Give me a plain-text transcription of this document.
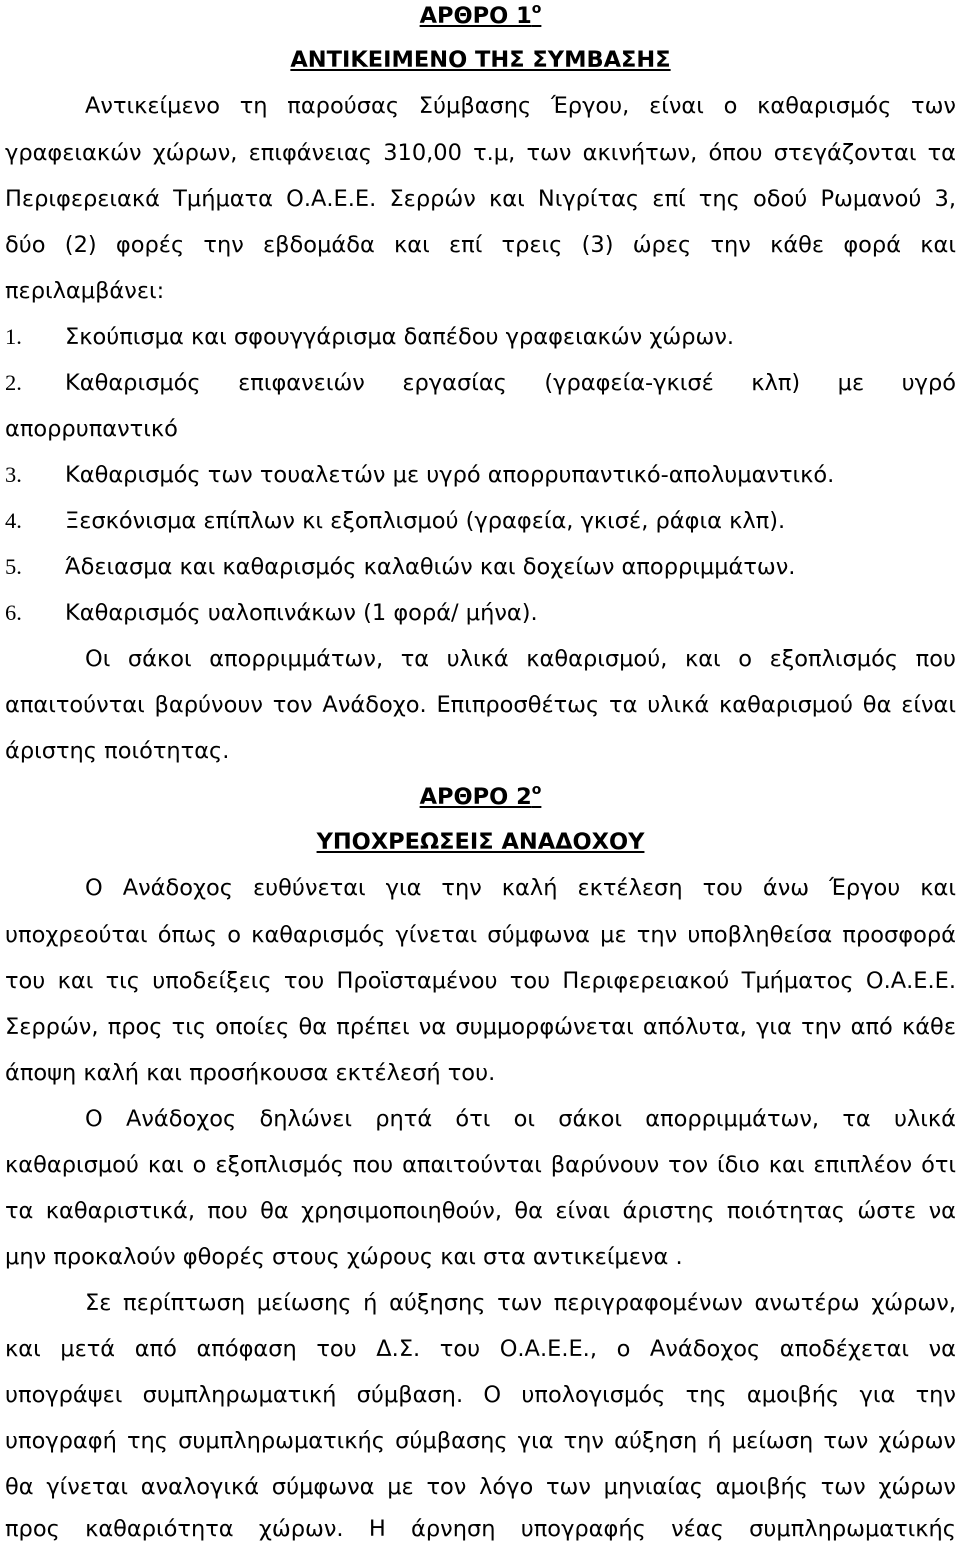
ΑΡΘΡΟ $1^o$
ΑΝΤΙΚΕΙΜΕΝΟ ΤΗΣ ΣΥΜΒΑΣΗΣ
Αντικείμενο τη παρούσας Σύμβασης Έργου, είναι ο καθαρισμός των
γραφειακών χώρων, επιφάνειας 310,00 τ.μ, των ακινήτων, όπου στεγάζονται τα
Περιφερειακά Τμήματα Ο.Α.Ε.Ε. Σερρών και Νιγρίτας επί της οδού Ρωμανού 3,
δύο (2) φορές την εβδομάδα και επί τρεις (3) ώρες την κάθε φορά και
περιλαμβάνει:
1. Σκούπισμα και σφουγγάρισμα δαπέδου γραφειακών χώρων.
2. Καθαρισμός επιφανειών εργασίας (γραφεία-γκισέ κλπ) με υγρό
απορρυπαντικό
3. Καθαρισμός των τουαλετών με υγρό απορρυπαντικό-απολυμαντικό.
4. Ξεσκόνισμα επίπλων κι εξοπλισμού (γραφεία, γκισέ, ράφια κλπ).
5. Άδειασμα και καθαρισμός καλαθιών και δοχείων απορριμμάτων.
6. Καθαρισμός υαλοπινάκων (1 φορά/ μήνα).
Οι σάκοι απορριμμάτων, τα υλικά καθαρισμού, και ο εξοπλισμός που
απαιτούνται βαρύνουν τον Ανάδοχο. Επιπροσθέτως τα υλικά καθαρισμού θα είναι
άριστης ποιότητας.
ΑΡΘΡΟ $2^o$
ΥΠΟΧΡΕΩΣΕΙΣ ΑΝΑΔΟΧΟΥ
Ο Ανάδοχος ευθύνεται για την καλή εκτέλεση του άνω Έργου και
υποχρεούται όπως ο καθαρισμός γίνεται σύμφωνα με την υποβληθείσα προσφορά
του και τις υποδείξεις του Προϊσταμένου του Περιφερειακού Τμήματος Ο.Α.Ε.Ε.
Σερρών, προς τις οποίες θα πρέπει να συμμορφώνεται απόλυτα, για την από κάθε
άποψη καλή και προσήκουσα εκτέλεσή του.
Ο Ανάδοχος δηλώνει ρητά ότι οι σάκοι απορριμμάτων, τα υλικά
καθαρισμού και ο εξοπλισμός που απαιτούνται βαρύνουν τον ίδιο και επιπλέον ότι
τα καθαριστικά, που θα χρησιμοποιηθούν, θα είναι άριστης ποιότητας ώστε να
μην προκαλούν φθορές στους χώρους και στα αντικείμενα .
Σε περίπτωση μείωσης ή αύξησης των περιγραφομένων ανωτέρω χώρων,
και μετά από απόφαση του Δ.Σ. του Ο.Α.Ε.Ε., ο Ανάδοχος αποδέχεται να
υπογράψει συμπληρωματική σύμβαση. Ο υπολογισμός της αμοιβής για την
υπογραφή της συμπληρωματικής σύμβασης για την αύξηση ή μείωση των χώρων
θα γίνεται αναλογικά σύμφωνα με τον λόγο των μηνιαίας αμοιβής των χώρων
προς καθαριότητα χώρων. Η άρνηση υπογραφής νέας συμπληρωματικής
